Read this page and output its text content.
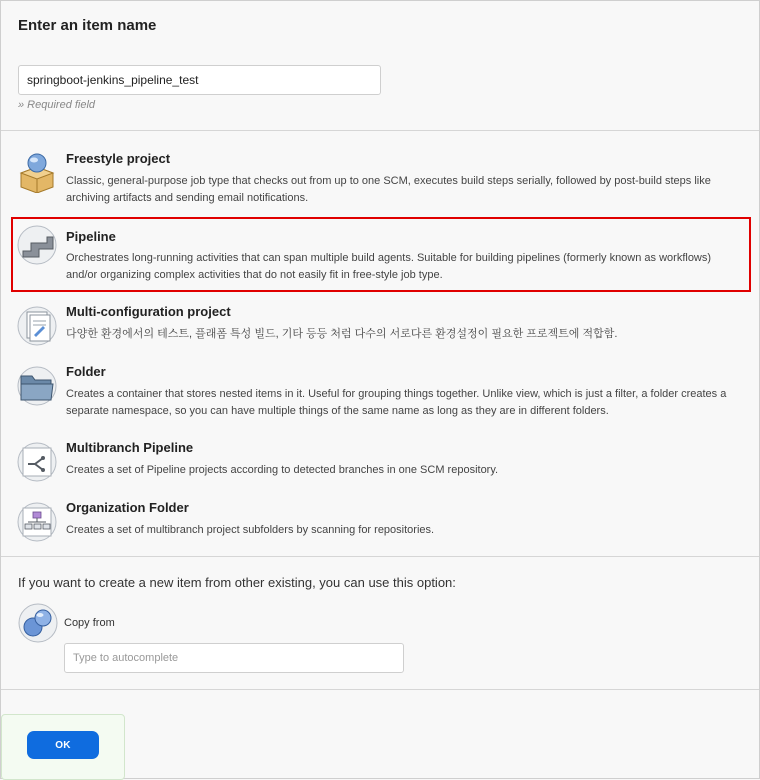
Enter an item name
springboot-jenkins_pipeline_test
» Required field
Freestyle project
Classic, general-purpose job type that checks out from up to one SCM, executes build steps serially, followed by post-build steps like archiving artifacts and sending email notifications.
Pipeline
Orchestrates long-running activities that can span multiple build agents. Suitable for building pipelines (formerly known as workflows) and/or organizing complex activities that do not easily fit in free-style job type.
Multi-configuration project
다양한 환경에서의 테스트, 플래폼 특성 빌드, 기타 등등 처럼 다수의 서로다른 환경설정이 필요한 프로젝트에 적합함.
Folder
Creates a container that stores nested items in it. Useful for grouping things together. Unlike view, which is just a filter, a folder creates a separate namespace, so you can have multiple things of the same name as long as they are in different folders.
Multibranch Pipeline
Creates a set of Pipeline projects according to detected branches in one SCM repository.
Organization Folder
Creates a set of multibranch project subfolders by scanning for repositories.
If you want to create a new item from other existing, you can use this option:
Copy from
Type to autocomplete
OK
